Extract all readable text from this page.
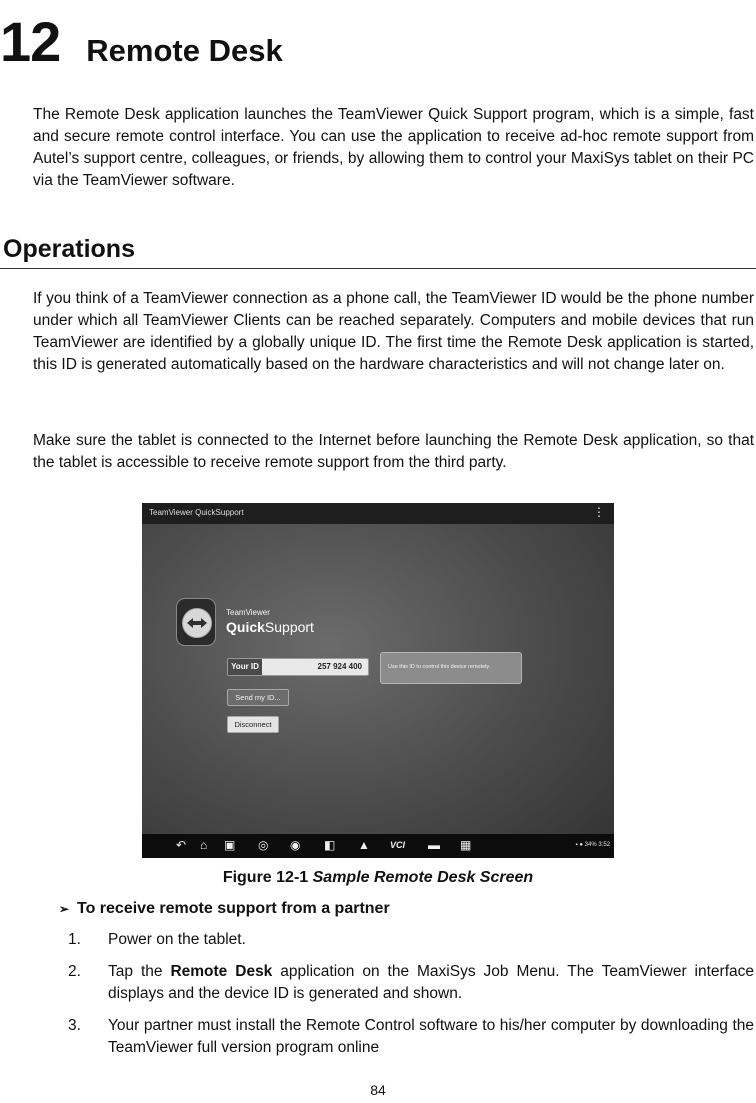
12 Remote Desk

The Remote Desk application launches the TeamViewer Quick Support program, which is a simple, fast and secure remote control interface. You can use the application to receive ad-hoc remote support from Autel’s support centre, colleagues, or friends, by allowing them to control your MaxiSys tablet on their PC via the TeamViewer software.

Operations

If you think of a TeamViewer connection as a phone call, the TeamViewer ID would be the phone number under which all TeamViewer Clients can be reached separately. Computers and mobile devices that run TeamViewer are identified by a globally unique ID. The first time the Remote Desk application is started, this ID is generated automatically based on the hardware characteristics and will not change later on.

Make sure the tablet is connected to the Internet before launching the Remote Desk application, so that the tablet is accessible to receive remote support from the third party.

TeamViewer QuickSupport	⋮
TeamViewer
QuickSupport
Your ID	257 924 400	Use this ID to control this device remotely.
Send my ID...
Disconnect
↶ ⌂ ▣ ◎ ◉ ◧ ▲ VCI ▬ ▦	▪ ● 34% 3:52

Figure 12-1 Sample Remote Desk Screen

➢ To receive remote support from a partner
1. Power on the tablet.
2. Tap the Remote Desk application on the MaxiSys Job Menu. The TeamViewer interface displays and the device ID is generated and shown.
3. Your partner must install the Remote Control software to his/her computer by downloading the TeamViewer full version program online
84
